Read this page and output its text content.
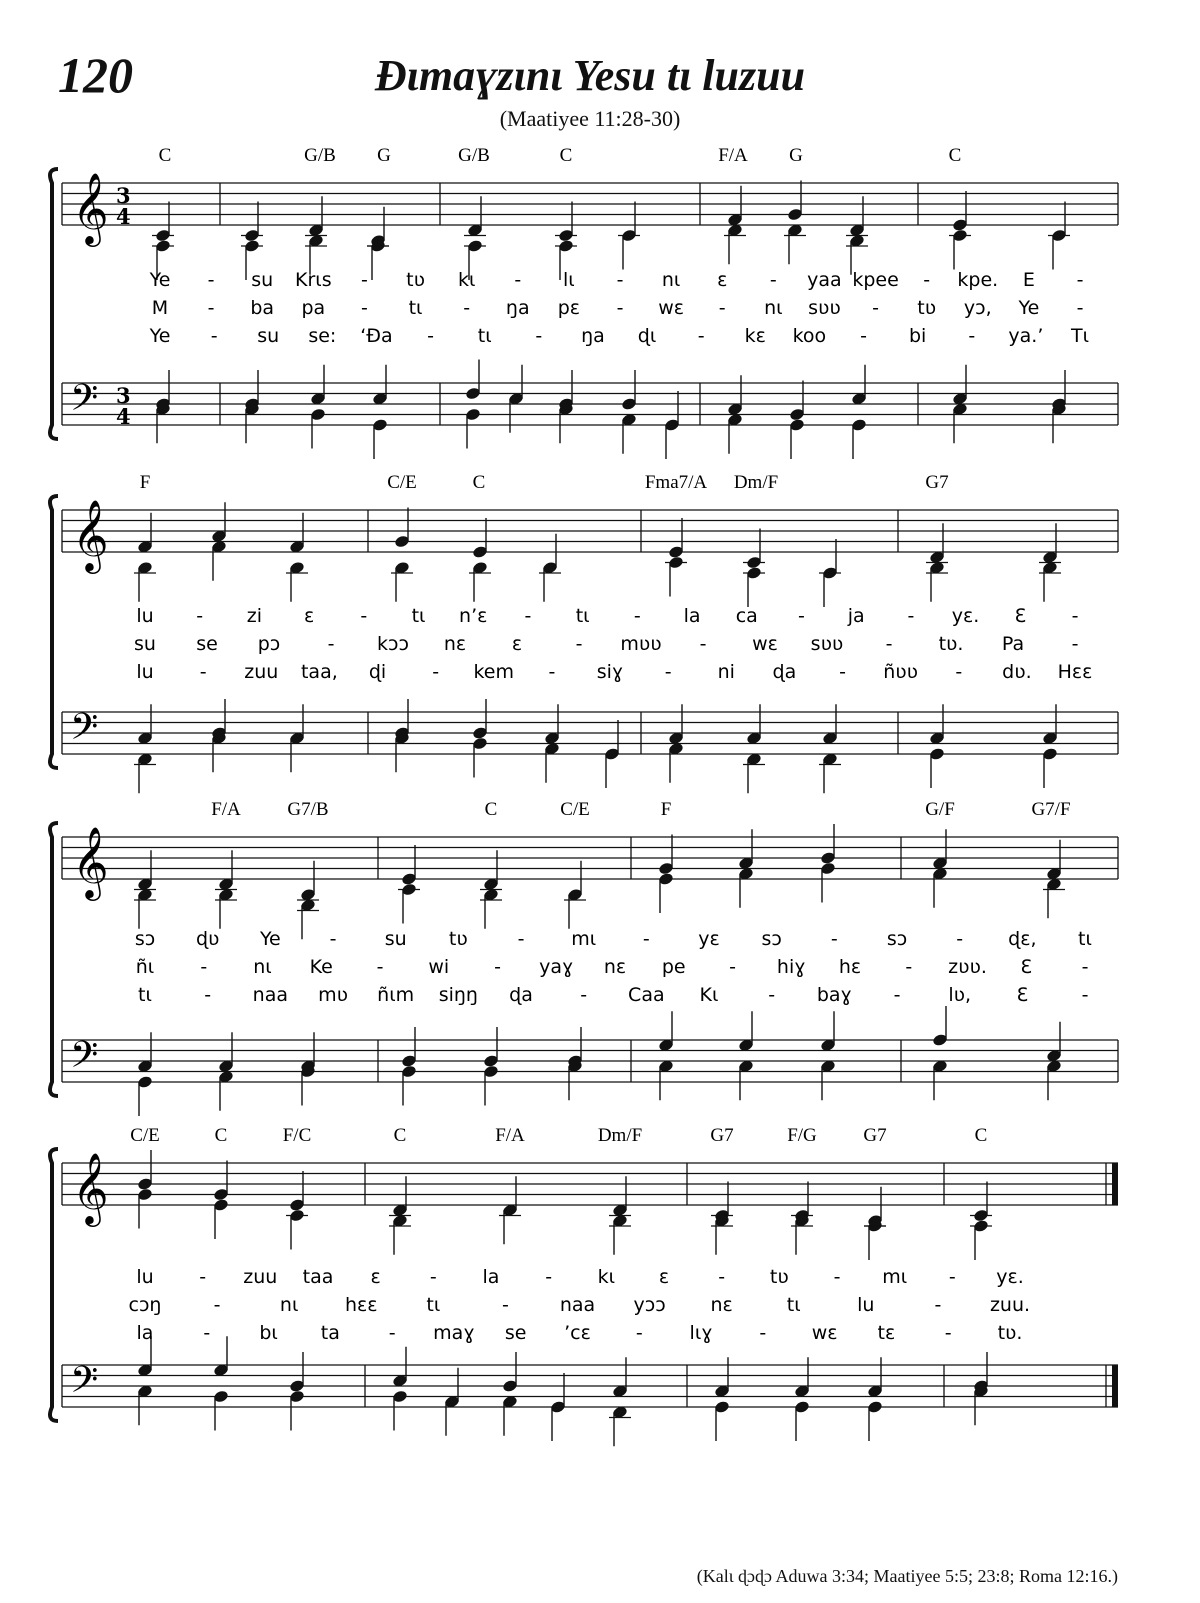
120	Đɩmaɣzɩnɩ Yesu tɩ luzuu
(Maatiyee 11:28-30)
𝄞 3
4
𝄢 3
4
C	G/B G	G/B	C	F/A G	C
Ye - su Krɩs - tʋ kɩ - lɩ - nɩ ɛ - yaa kpee - kpe. E -
M - ba pa - tɩ - ŋa pɛ - wɛ - nɩ sʋʋ - tʋ yɔ, Ye -
Ye - su se: ‘Đa - tɩ - ŋa ɖɩ - kɛ koo - bi - ya.’ Tɩ
𝄞
𝄢
F	C/E	C	Fma7/A Dm/F	G7
lu - zi ɛ - tɩ n’ɛ - tɩ - la ca - ja - yɛ. Ɛ -
su se pɔ - kɔɔ nɛ ɛ	- mʋʋ - wɛ sʋʋ - tʋ. Pa -
lu - zuu taa, ɖi - kem - siɣ - ni ɖa - ñʋʋ - dʋ. Hɛɛ
𝄞
𝄢
F/A G7/B	C	C/E	F	G/F	G7/F
sɔ ɖʋ Ye	-	su tʋ	- mɩ -	yɛ sɔ	-	sɔ	- ɖɛ, tɩ
ñɩ - nɩ Ke - wi - yaɣ nɛ pe - hiɣ hɛ - zʋʋ. Ɛ	-
tɩ	- naa mʋ ñɩm siŋŋ ɖa - Caa Kɩ	- baɣ -	lʋ, Ɛ	-
𝄞
𝄢
C/E	C	F/C	C	F/A	Dm/F	G7	F/G G7	C
lu - zuu taa ɛ	- la - kɩ ɛ	- tʋ - mɩ - yɛ.
cɔŋ	-	nɩ hɛɛ	tɩ	-	naa yɔɔ nɛ	tɩ	lu	-	zuu.
la	-	bɩ ta	- maɣ se ’cɛ - lɩɣ - wɛ tɛ	- tʋ.
(Kalɩ ɖɔɖɔ Aduwa 3:34; Maatiyee 5:5; 23:8; Roma 12:16.)
